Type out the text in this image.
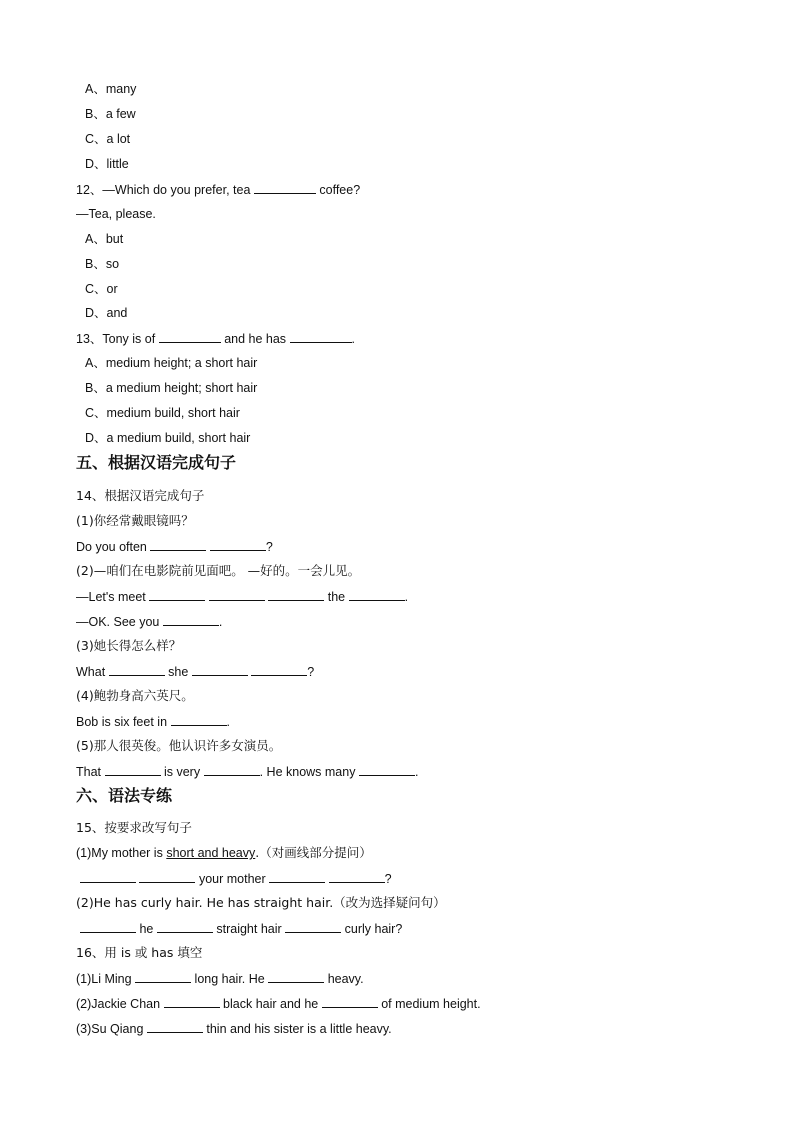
A、many
B、a few
C、a lot
D、little
12、—Which do you prefer, tea	coffee?
—Tea, please.
A、but
B、so
C、or
D、and
13、Tony is of	and he has	.
A、medium height; a short hair
B、a medium height; short hair
C、medium build, short hair
D、a medium build, short hair
五、根据汉语完成句子
14、根据汉语完成句子
(1)你经常戴眼镜吗？
Do you often	?
(2)—咱们在电影院前见面吧。 —好的。一会儿见。
—Let's meet	the	.
—OK. See you	.
(3)她长得怎么样？
What	she	?
(4)鲍勃身高六英尺。
Bob is six feet in	.
(5)那人很英俊。他认识许多女演员。
That	is very	. He knows many	.
六、语法专练
15、按要求改写句子
(1)My mother is short and heavy.（对画线部分提问）
your mother	?
(2)He has curly hair. He has straight hair.（改为选择疑问句）
he	straight hair	curly hair?
16、用 is 或 has 填空
(1)Li Ming	long hair. He	heavy.
(2)Jackie Chan	black hair and he	of medium height.
(3)Su Qiang	thin and his sister is a little heavy.
